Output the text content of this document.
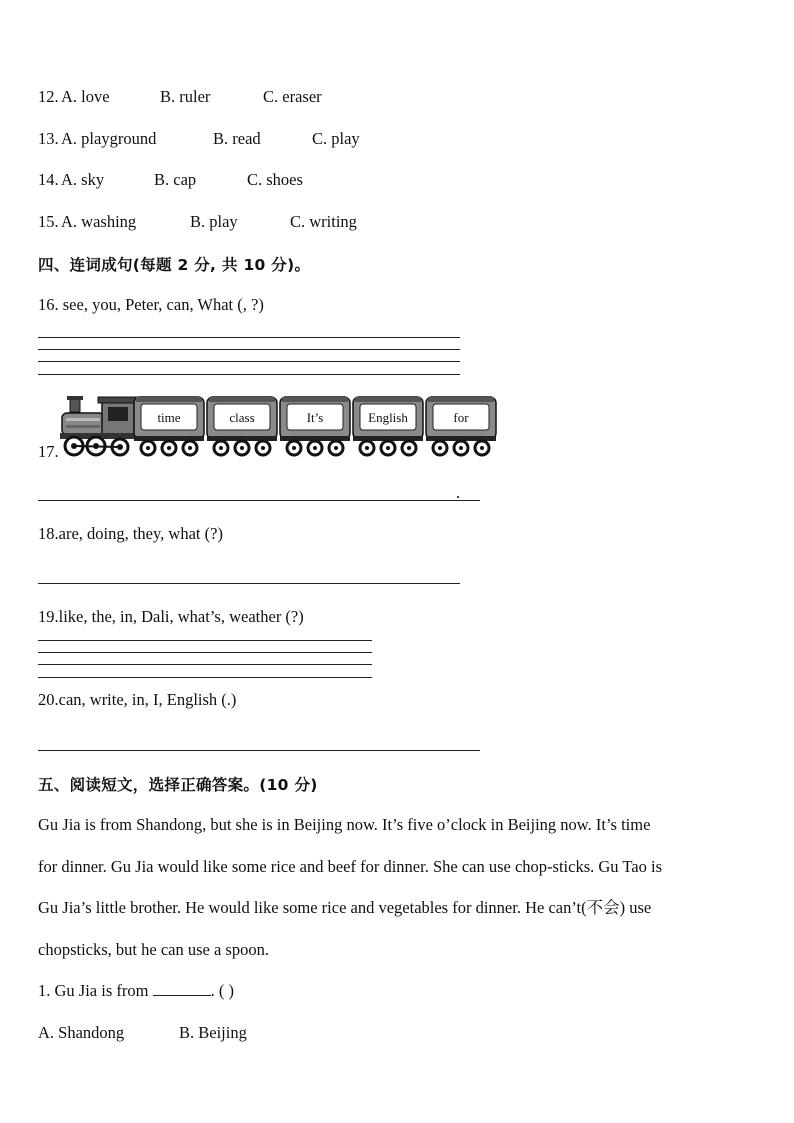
12. A. love	B. ruler	C. eraser
13. A. playground	B. read	C. play
14. A. sky	B. cap	C. shoes
15. A. washing	B. play	C. writing
四、连词成句(每题 2 分, 共 10 分)。
16. see, you, Peter, can, What (, ?)
17.
time	class	It’s	English	for
.
18.are, doing, they, what (?)
19.like, the, in, Dali, what’s, weather (?)
20.can, write, in, I, English (.)
五、阅读短文，选择正确答案。(10 分)
Gu Jia is from Shandong, but she is in Beijing now. It’s five o’clock in Beijing now. It’s time
for dinner. Gu Jia would like some rice and beef for dinner. She can use chop-sticks. Gu Tao is
Gu Jia’s little brother. He would like some rice and vegetables for dinner. He can’t(不会) use
chopsticks, but he can use a spoon.
1. Gu Jia is from	. ( )
A. Shandong	B. Beijing
